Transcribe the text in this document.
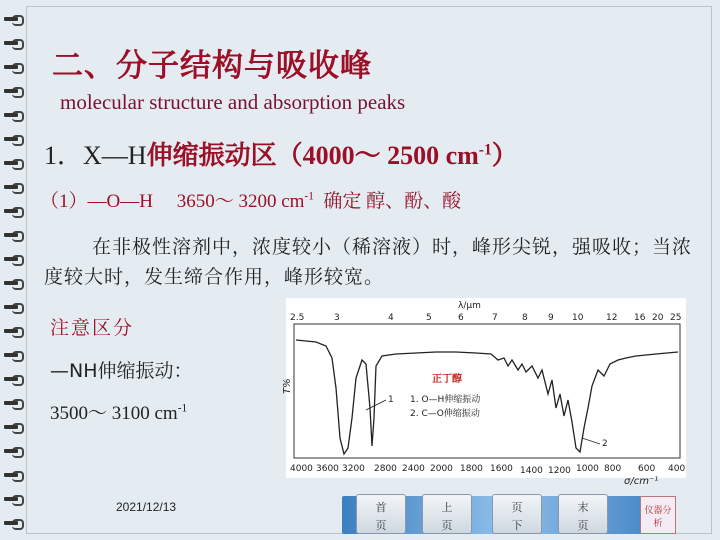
二、分子结构与吸收峰
molecular structure and absorption peaks
1．X—H伸缩振动区（4000～ 2500 $cm^{-1}$）
（1）—O—H 3650～ 3200 $cm^{-1}$ 确定 醇、酚、酸
在非极性溶剂中，浓度较小（稀溶液）时，峰形尖锐，强吸收；当浓度较大时，发生缔合作用，峰形较宽。
注意区分
—NH伸缩振动：
3500～ 3100 $cm^{-1}$
λ/μm
2.5	3	4	5	6	7	8 9 10	12 16 20 25
T%
1
2
正丁醇
1. O—H伸缩振动
2. C—O伸缩振动
4000 3600 3200 2800 2400 2000 1800 1600 1400 1200 1000 800 600 400
σ/cm⁻¹
2021/12/13	首
页
上
页
页
下
末
页
仪器分析
